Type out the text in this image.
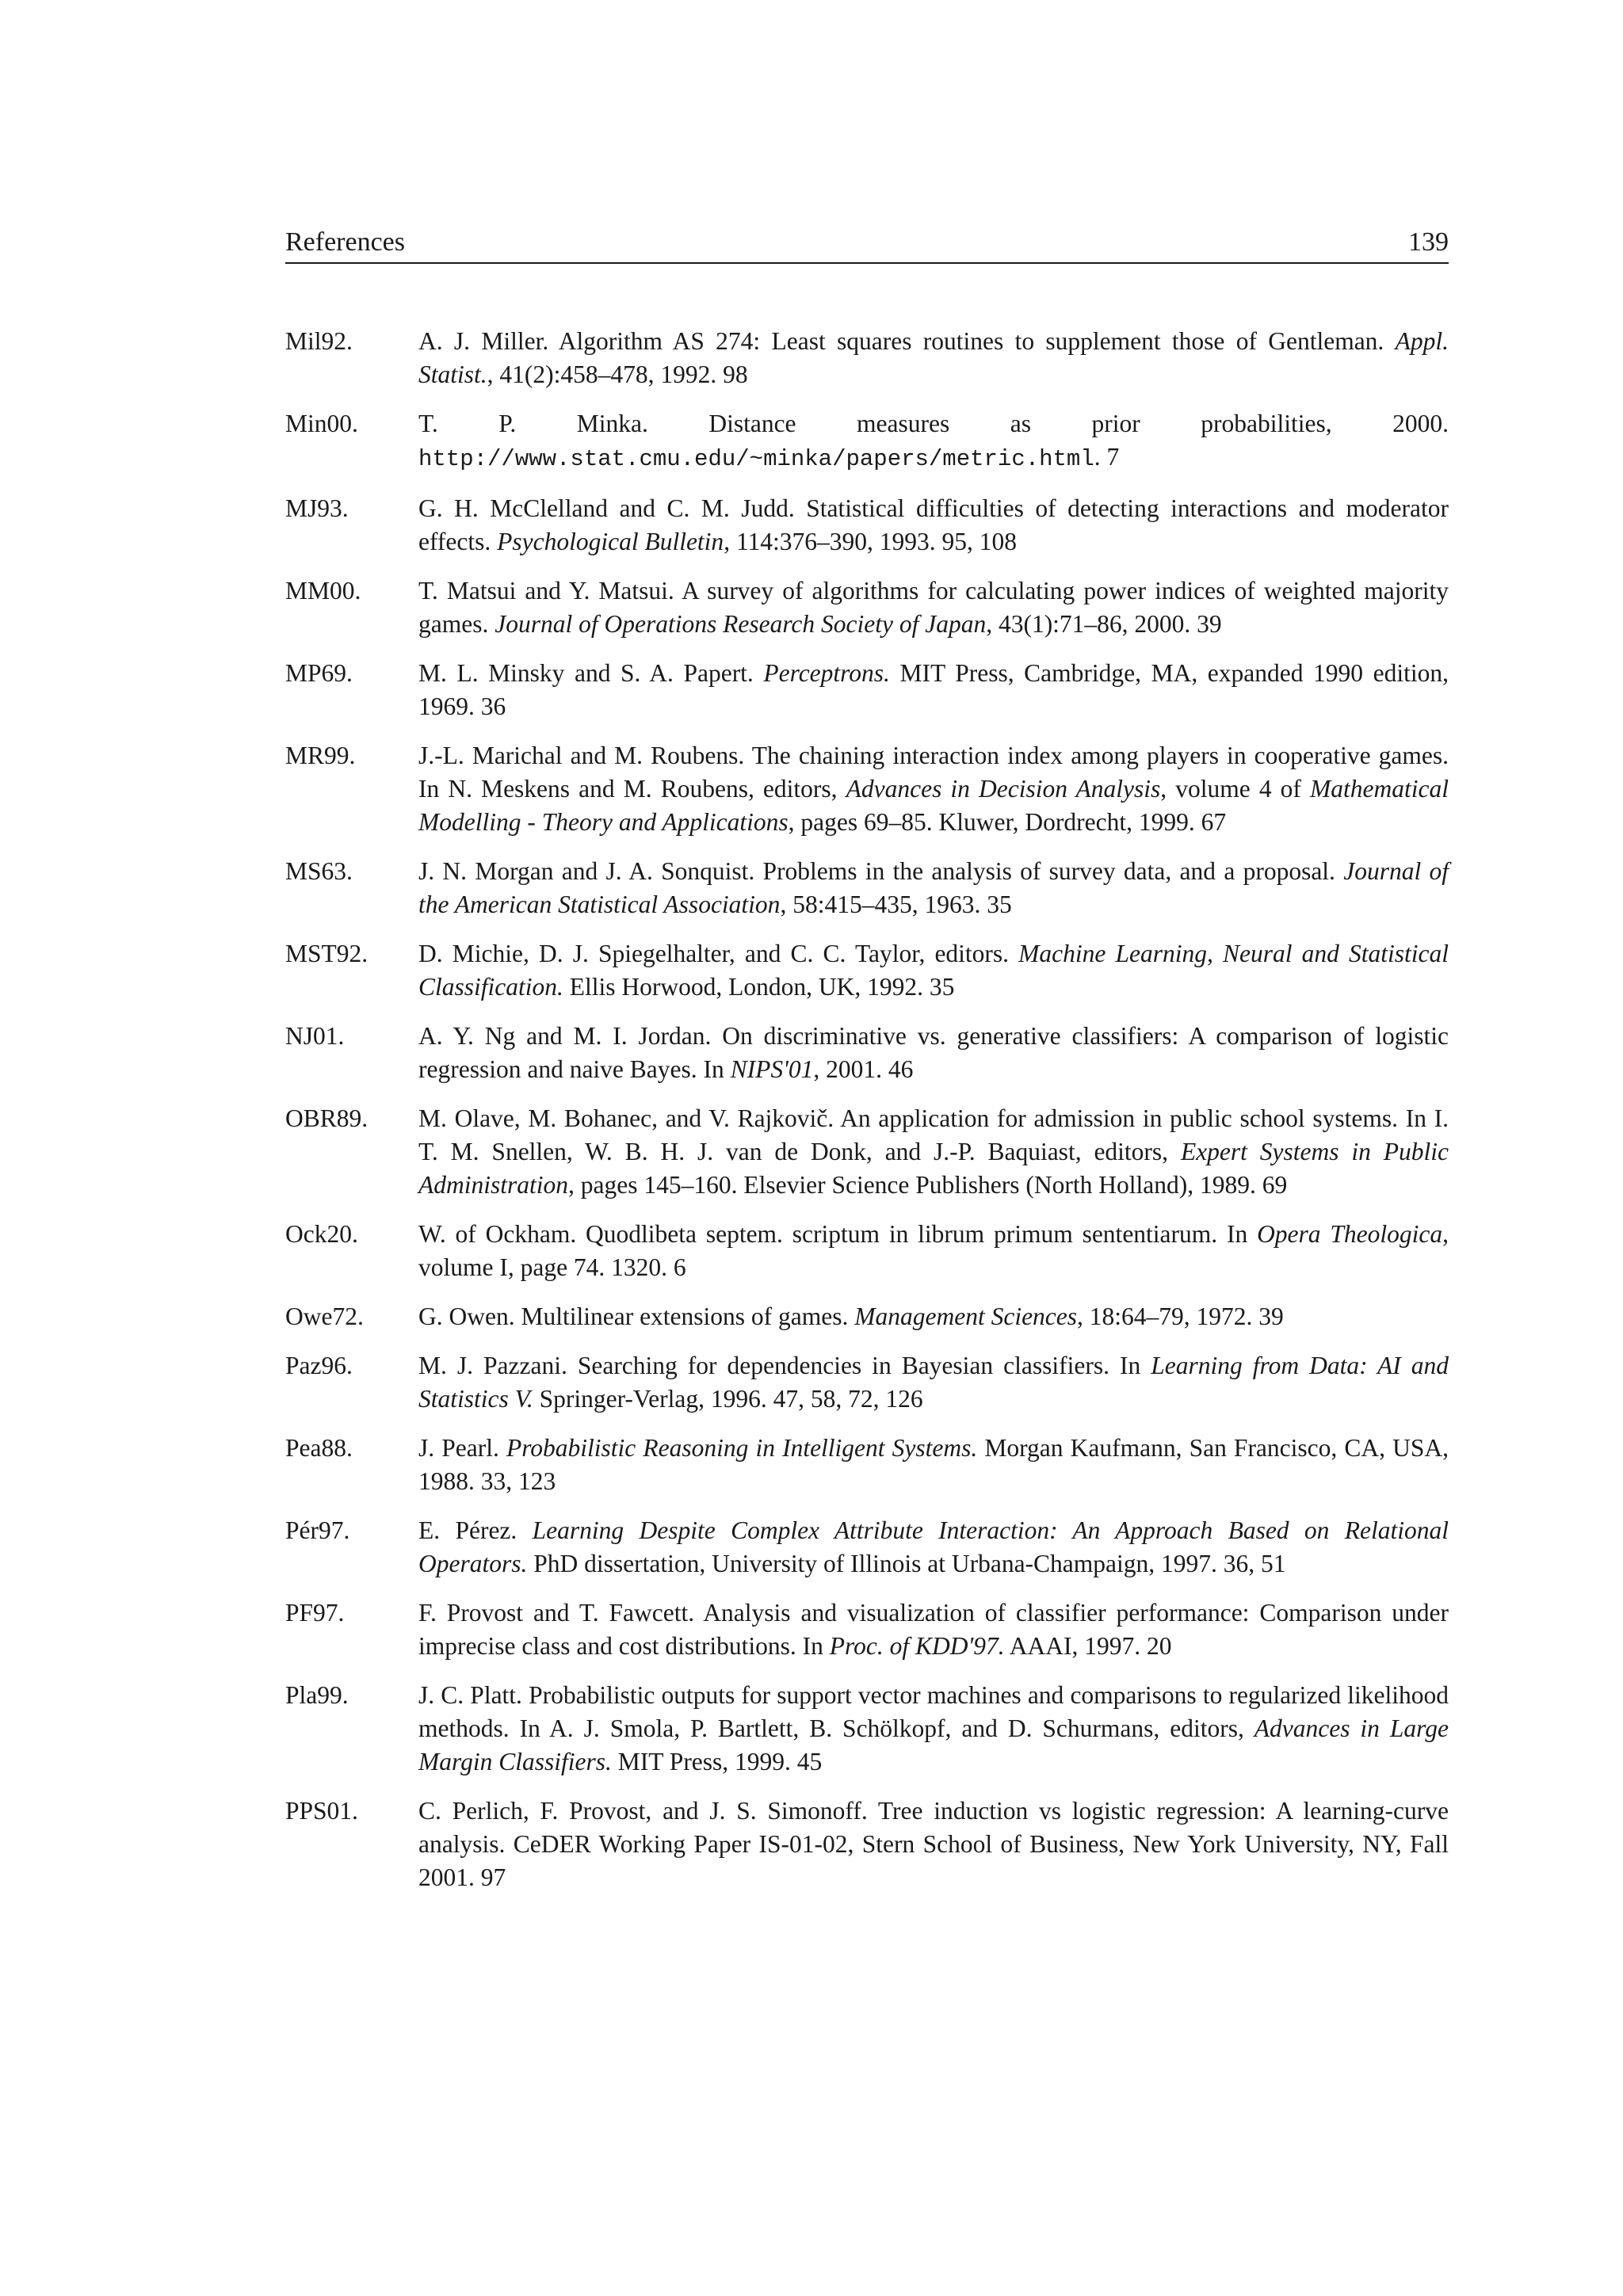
References	139
Mil92.	A. J. Miller. Algorithm AS 274: Least squares routines to supplement those of Gentleman. Appl. Statist., 41(2):458–478, 1992. 98
Min00.	T. P. Minka. Distance measures as prior probabilities, 2000. http://www.stat.cmu.edu/~minka/papers/metric.html. 7
MJ93.	G. H. McClelland and C. M. Judd. Statistical difficulties of detecting interactions and moderator effects. Psychological Bulletin, 114:376–390, 1993. 95, 108
MM00.	T. Matsui and Y. Matsui. A survey of algorithms for calculating power indices of weighted majority games. Journal of Operations Research Society of Japan, 43(1):71–86, 2000. 39
MP69.	M. L. Minsky and S. A. Papert. Perceptrons. MIT Press, Cambridge, MA, expanded 1990 edition, 1969. 36
MR99.	J.-L. Marichal and M. Roubens. The chaining interaction index among players in cooperative games. In N. Meskens and M. Roubens, editors, Advances in Decision Analysis, volume 4 of Mathematical Modelling - Theory and Applications, pages 69–85. Kluwer, Dordrecht, 1999. 67
MS63.	J. N. Morgan and J. A. Sonquist. Problems in the analysis of survey data, and a proposal. Journal of the American Statistical Association, 58:415–435, 1963. 35
MST92.	D. Michie, D. J. Spiegelhalter, and C. C. Taylor, editors. Machine Learning, Neural and Statistical Classification. Ellis Horwood, London, UK, 1992. 35
NJ01.	A. Y. Ng and M. I. Jordan. On discriminative vs. generative classifiers: A comparison of logistic regression and naive Bayes. In NIPS'01, 2001. 46
OBR89.	M. Olave, M. Bohanec, and V. Rajkovič. An application for admission in public school systems. In I. T. M. Snellen, W. B. H. J. van de Donk, and J.-P. Baquiast, editors, Expert Systems in Public Administration, pages 145–160. Elsevier Science Publishers (North Holland), 1989. 69
Ock20.	W. of Ockham. Quodlibeta septem. scriptum in librum primum sententiarum. In Opera Theologica, volume I, page 74. 1320. 6
Owe72.	G. Owen. Multilinear extensions of games. Management Sciences, 18:64–79, 1972. 39
Paz96.	M. J. Pazzani. Searching for dependencies in Bayesian classifiers. In Learning from Data: AI and Statistics V. Springer-Verlag, 1996. 47, 58, 72, 126
Pea88.	J. Pearl. Probabilistic Reasoning in Intelligent Systems. Morgan Kaufmann, San Francisco, CA, USA, 1988. 33, 123
Pér97.	E. Pérez. Learning Despite Complex Attribute Interaction: An Approach Based on Relational Operators. PhD dissertation, University of Illinois at Urbana-Champaign, 1997. 36, 51
PF97.	F. Provost and T. Fawcett. Analysis and visualization of classifier performance: Comparison under imprecise class and cost distributions. In Proc. of KDD'97. AAAI, 1997. 20
Pla99.	J. C. Platt. Probabilistic outputs for support vector machines and comparisons to regularized likelihood methods. In A. J. Smola, P. Bartlett, B. Schölkopf, and D. Schurmans, editors, Advances in Large Margin Classifiers. MIT Press, 1999. 45
PPS01.	C. Perlich, F. Provost, and J. S. Simonoff. Tree induction vs logistic regression: A learning-curve analysis. CeDER Working Paper IS-01-02, Stern School of Business, New York University, NY, Fall 2001. 97
